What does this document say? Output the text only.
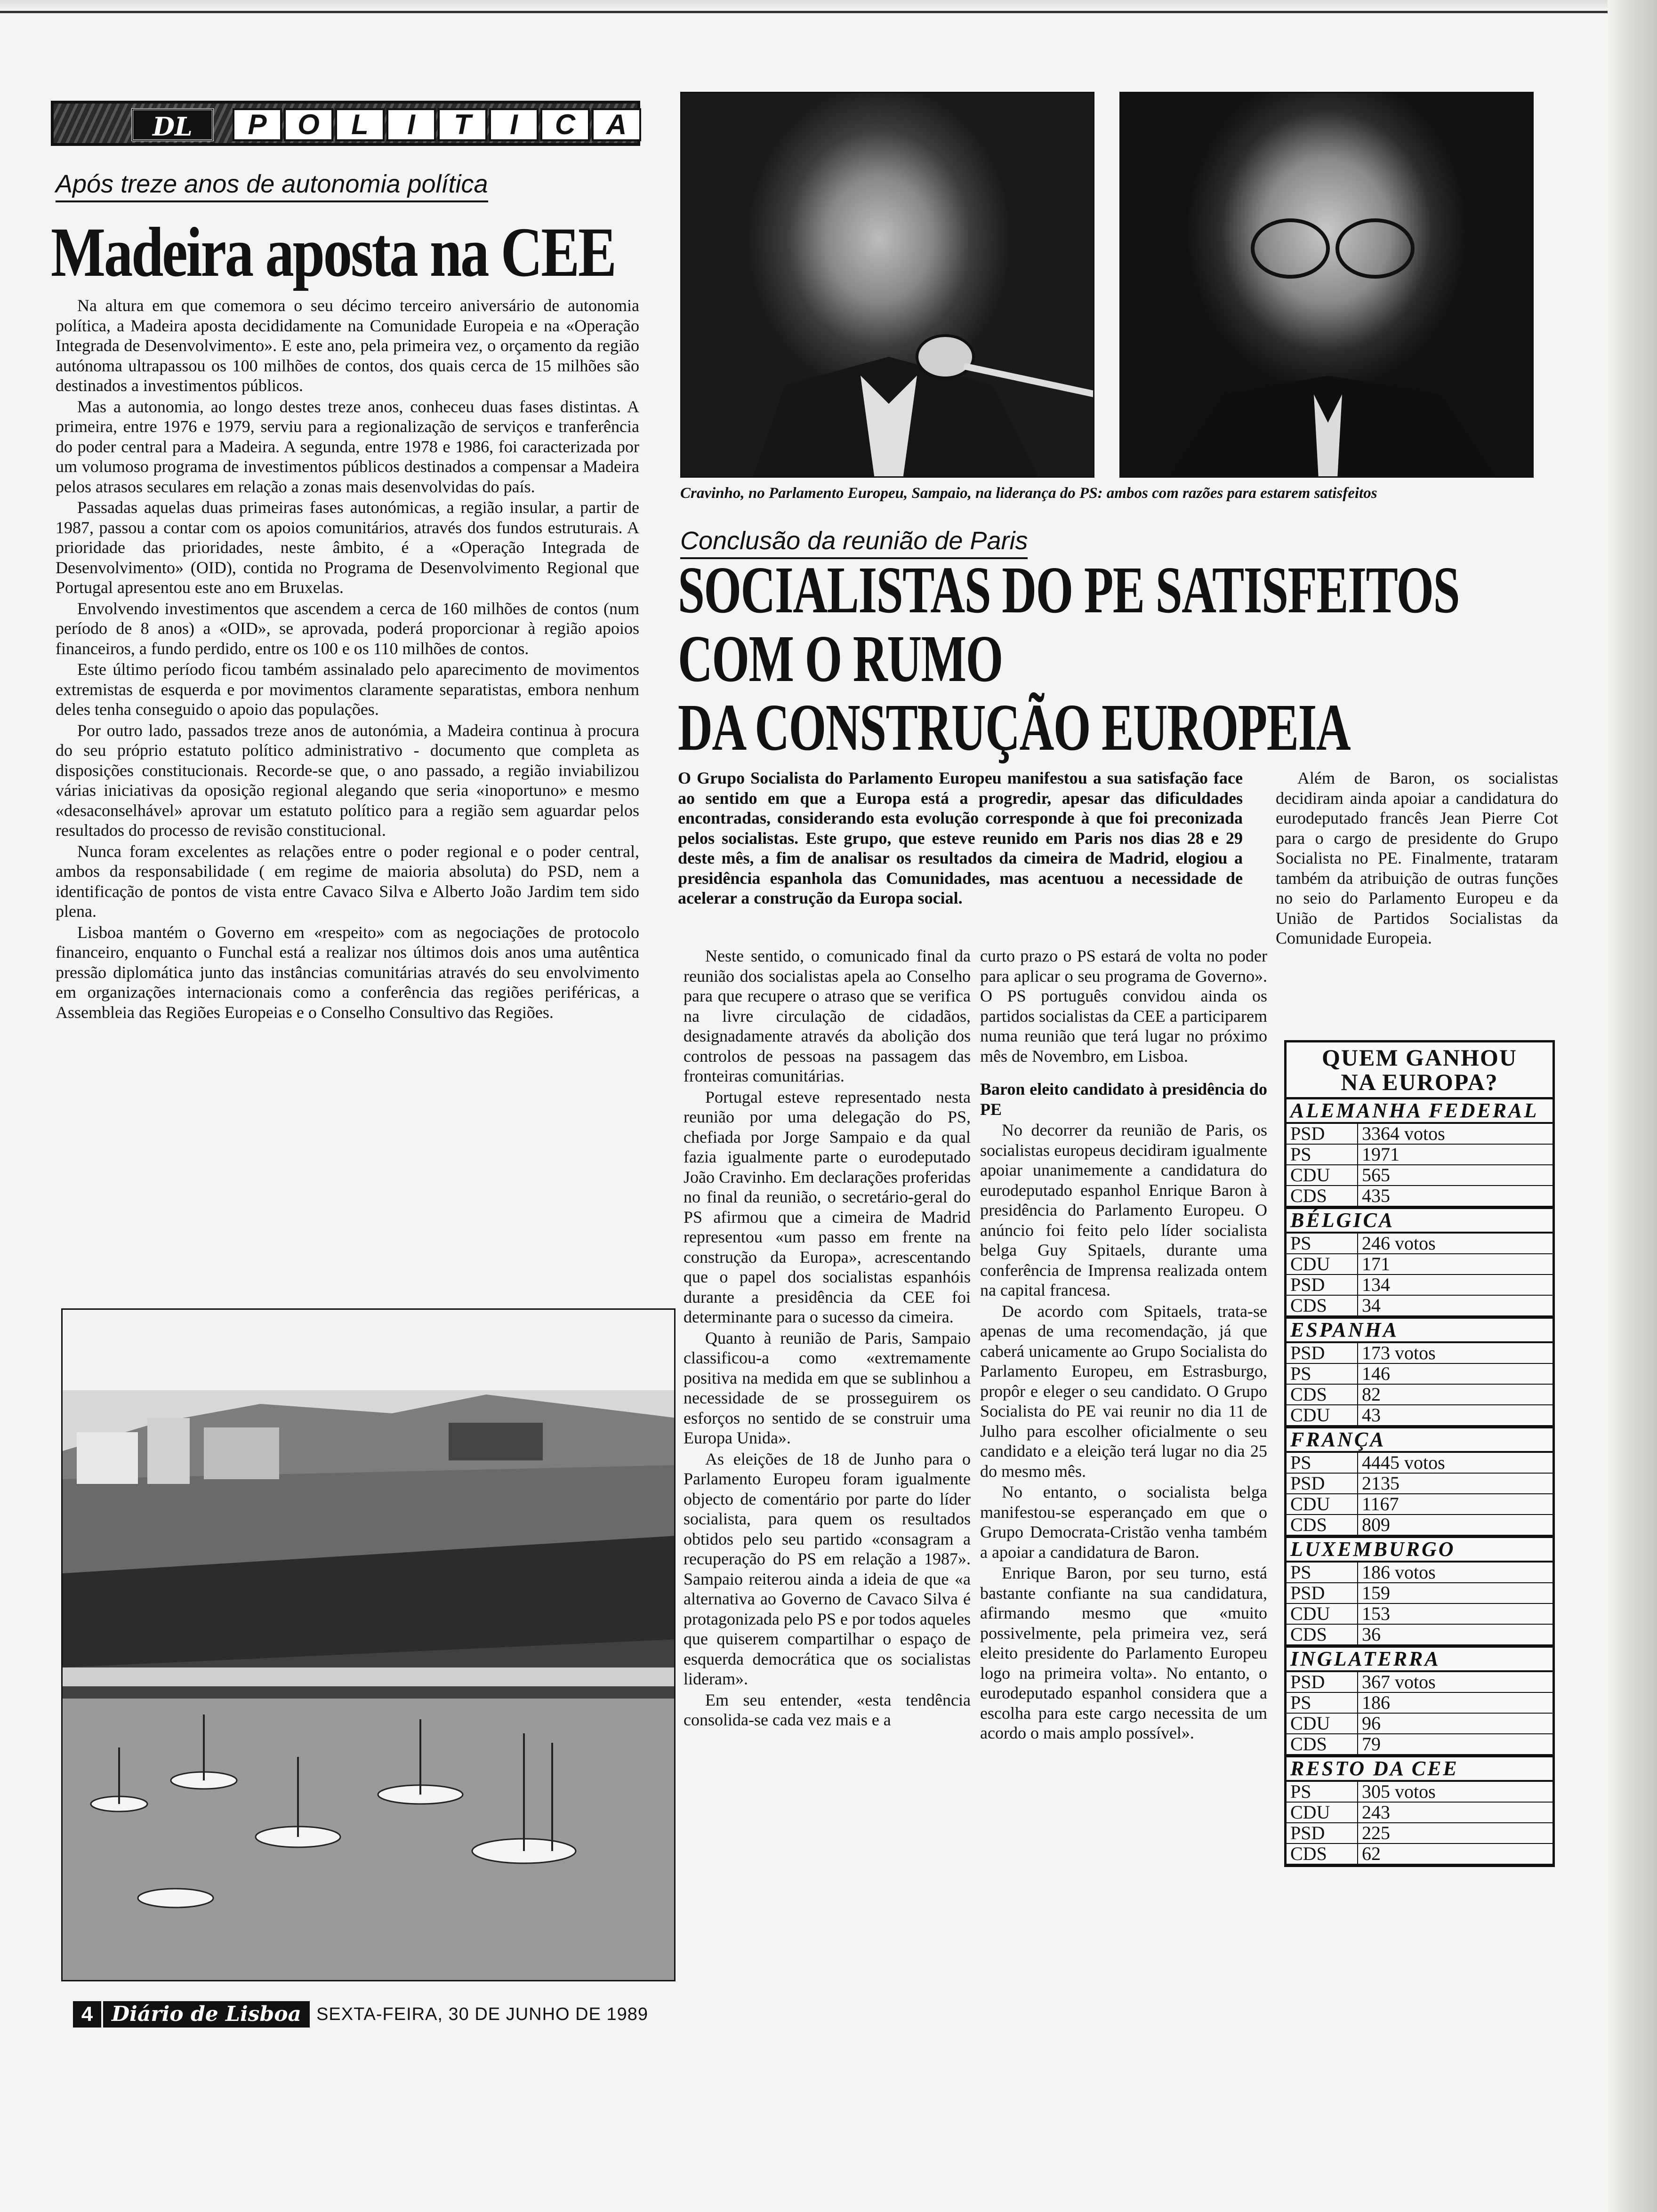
DL	P	O	L	I	T	I	C	A
Após treze anos de autonomia política
Madeira aposta na CEE

Na altura em que comemora o seu décimo terceiro aniversário de autonomia política, a Madeira aposta decididamente na Comunidade Europeia e na «Operação Integrada de Desenvolvimento». E este ano, pela primeira vez, o orçamento da região autónoma ultrapassou os 100 milhões de contos, dos quais cerca de 15 milhões são destinados a investimentos públicos.

Mas a autonomia, ao longo destes treze anos, conheceu duas fases distintas. A primeira, entre 1976 e 1979, serviu para a regionalização de serviços e tranferência do poder central para a Madeira. A segunda, entre 1978 e 1986, foi caracterizada por um volumoso programa de investimentos públicos destinados a compensar a Madeira pelos atrasos seculares em relação a zonas mais desenvolvidas do país.

Passadas aquelas duas primeiras fases autonómicas, a região insular, a partir de 1987, passou a contar com os apoios comunitários, através dos fundos estruturais. A prioridade das prioridades, neste âmbito, é a «Operação Integrada de Desenvolvimento» (OID), contida no Programa de Desenvolvimento Regional que Portugal apresentou este ano em Bruxelas.

Envolvendo investimentos que ascendem a cerca de 160 milhões de contos (num período de 8 anos) a «OID», se aprovada, poderá proporcionar à região apoios financeiros, a fundo perdido, entre os 100 e os 110 milhões de contos.

Este último período ficou também assinalado pelo aparecimento de movimentos extremistas de esquerda e por movimentos claramente separatistas, embora nenhum deles tenha conseguido o apoio das populações.

Por outro lado, passados treze anos de autonómia, a Madeira continua à procura do seu próprio estatuto político administrativo - documento que completa as disposições constitucionais. Recorde-se que, o ano passado, a região inviabilizou várias iniciativas da oposição regional alegando que seria «inoportuno» e mesmo «desaconselhável» aprovar um estatuto político para a região sem aguardar pelos resultados do processo de revisão constitucional.

Nunca foram excelentes as relações entre o poder regional e o poder central, ambos da responsabilidade ( em regime de maioria absoluta) do PSD, nem a identificação de pontos de vista entre Cavaco Silva e Alberto João Jardim tem sido plena.

Lisboa mantém o Governo em «respeito» com as negociações de protocolo financeiro, enquanto o Funchal está a realizar nos últimos dois anos uma autêntica pressão diplomática junto das instâncias comunitárias através do seu envolvimento em organizações internacionais como a conferência das regiões periféricas, a Assembleia das Regiões Europeias e o Conselho Consultivo das Regiões.

Cravinho, no Parlamento Europeu, Sampaio, na liderança do PS: ambos com razões para estarem satisfeitos
Conclusão da reunião de Paris
SOCIALISTAS DO PE SATISFEITOS
COM O RUMO
DA CONSTRUÇÃO EUROPEIA
O Grupo Socialista do Parlamento Europeu manifestou a sua satisfação face ao sentido em que a Europa está a progredir, apesar das dificuldades encontradas, considerando esta evolução corresponde à que foi preconizada pelos socialistas. Este grupo, que esteve reunido em Paris nos dias 28 e 29 deste mês, a fim de analisar os resultados da cimeira de Madrid, elogiou a presidência espanhola das Comunidades, mas acentuou a necessidade de acelerar a construção da Europa social.

Neste sentido, o comunicado final da reunião dos socialistas apela ao Conselho para que recupere o atraso que se verifica na livre circulação de cidadãos, designadamente através da abolição dos controlos de pessoas na passagem das fronteiras comunitárias.

Portugal esteve representado nesta reunião por uma delegação do PS, chefiada por Jorge Sampaio e da qual fazia igualmente parte o eurodeputado João Cravinho. Em declarações proferidas no final da reunião, o secretário-geral do PS afirmou que a cimeira de Madrid representou «um passo em frente na construção da Europa», acrescentando que o papel dos socialistas espanhóis durante a presidência da CEE foi determinante para o sucesso da cimeira.

Quanto à reunião de Paris, Sampaio classificou-a como «extremamente positiva na medida em que se sublinhou a necessidade de se prosseguirem os esforços no sentido de se construir uma Europa Unida».

As eleições de 18 de Junho para o Parlamento Europeu foram igualmente objecto de comentário por parte do líder socialista, para quem os resultados obtidos pelo seu partido «consagram a recuperação do PS em relação a 1987». Sampaio reiterou ainda a ideia de que «a alternativa ao Governo de Cavaco Silva é protagonizada pelo PS e por todos aqueles que quiserem compartilhar o espaço de esquerda democrática que os socialistas lideram».

Em seu entender, «esta tendência consolida-se cada vez mais e a

curto prazo o PS estará de volta no poder para aplicar o seu programa de Governo». O PS português convidou ainda os partidos socialistas da CEE a participarem numa reunião que terá lugar no próximo mês de Novembro, em Lisboa.

Baron eleito candidato à presidência do PE

No decorrer da reunião de Paris, os socialistas europeus decidiram igualmente apoiar unanimemente a candidatura do eurodeputado espanhol Enrique Baron à presidência do Parlamento Europeu. O anúncio foi feito pelo líder socialista belga Guy Spitaels, durante uma conferência de Imprensa realizada ontem na capital francesa.

De acordo com Spitaels, trata-se apenas de uma recomendação, já que caberá unicamente ao Grupo Socialista do Parlamento Europeu, em Estrasburgo, propôr e eleger o seu candidato. O Grupo Socialista do PE vai reunir no dia 11 de Julho para escolher oficialmente o seu candidato e a eleição terá lugar no dia 25 do mesmo mês.

No entanto, o socialista belga manifestou-se esperançado em que o Grupo Democrata-Cristão venha também a apoiar a candidatura de Baron.

Enrique Baron, por seu turno, está bastante confiante na sua candidatura, afirmando mesmo que «muito possivelmente, pela primeira vez, será eleito presidente do Parlamento Europeu logo na primeira volta». No entanto, o eurodeputado espanhol considera que a escolha para este cargo necessita de um acordo o mais amplo possível».

Além de Baron, os socialistas decidiram ainda apoiar a candidatura do eurodeputado francês Jean Pierre Cot para o cargo de presidente do Grupo Socialista no PE. Finalmente, trataram também da atribuição de outras funções no seio do Parlamento Europeu e da União de Partidos Socialistas da Comunidade Europeia.

QUEM GANHOU
NA EUROPA?
ALEMANHA FEDERAL
PSD	3364 votos
PS	1971
CDU	565
CDS	435
BÉLGICA
PS	246 votos
CDU	171
PSD	134
CDS	34
ESPANHA
PSD	173 votos
PS	146
CDS	82
CDU	43
FRANÇA
PS	4445 votos
PSD	2135
CDU	1167
CDS	809
LUXEMBURGO
PS	186 votos
PSD	159
CDU	153
CDS	36
INGLATERRA
PSD	367 votos
PS	186
CDU	96
CDS	79
RESTO DA CEE
PS	305 votos
CDU	243
PSD	225
CDS	62
4 Diário de Lisboa SEXTA-FEIRA, 30 DE JUNHO DE 1989
